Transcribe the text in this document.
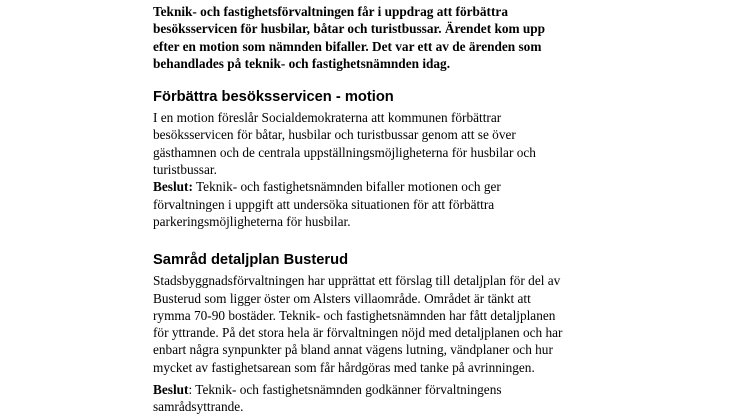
Teknik- och fastighetsförvaltningen får i uppdrag att förbättra
besöksservicen för husbilar, båtar och turistbussar. Ärendet kom upp
efter en motion som nämnden bifaller. Det var ett av de ärenden som
behandlades på teknik- och fastighetsnämnden idag.

Förbättra besöksservicen - motion

I en motion föreslår Socialdemokraterna att kommunen förbättrar
besöksservicen för båtar, husbilar och turistbussar genom att se över
gästhamnen och de centrala uppställningsmöjligheterna för husbilar och
turistbussar.

Beslut: Teknik- och fastighetsnämnden bifaller motionen och ger
förvaltningen i uppgift att undersöka situationen för att förbättra
parkeringsmöjligheterna för husbilar.

Samråd detaljplan Busterud

Stadsbyggnadsförvaltningen har upprättat ett förslag till detaljplan för del av
Busterud som ligger öster om Alsters villaområde. Området är tänkt att
rymma 70-90 bostäder. Teknik- och fastighetsnämnden har fått detaljplanen
för yttrande. På det stora hela är förvaltningen nöjd med detaljplanen och har
enbart några synpunkter på bland annat vägens lutning, vändplaner och hur
mycket av fastighetsarean som får hårdgöras med tanke på avrinningen.

Beslut: Teknik- och fastighetsnämnden godkänner förvaltningens
samrådsyttrande.
